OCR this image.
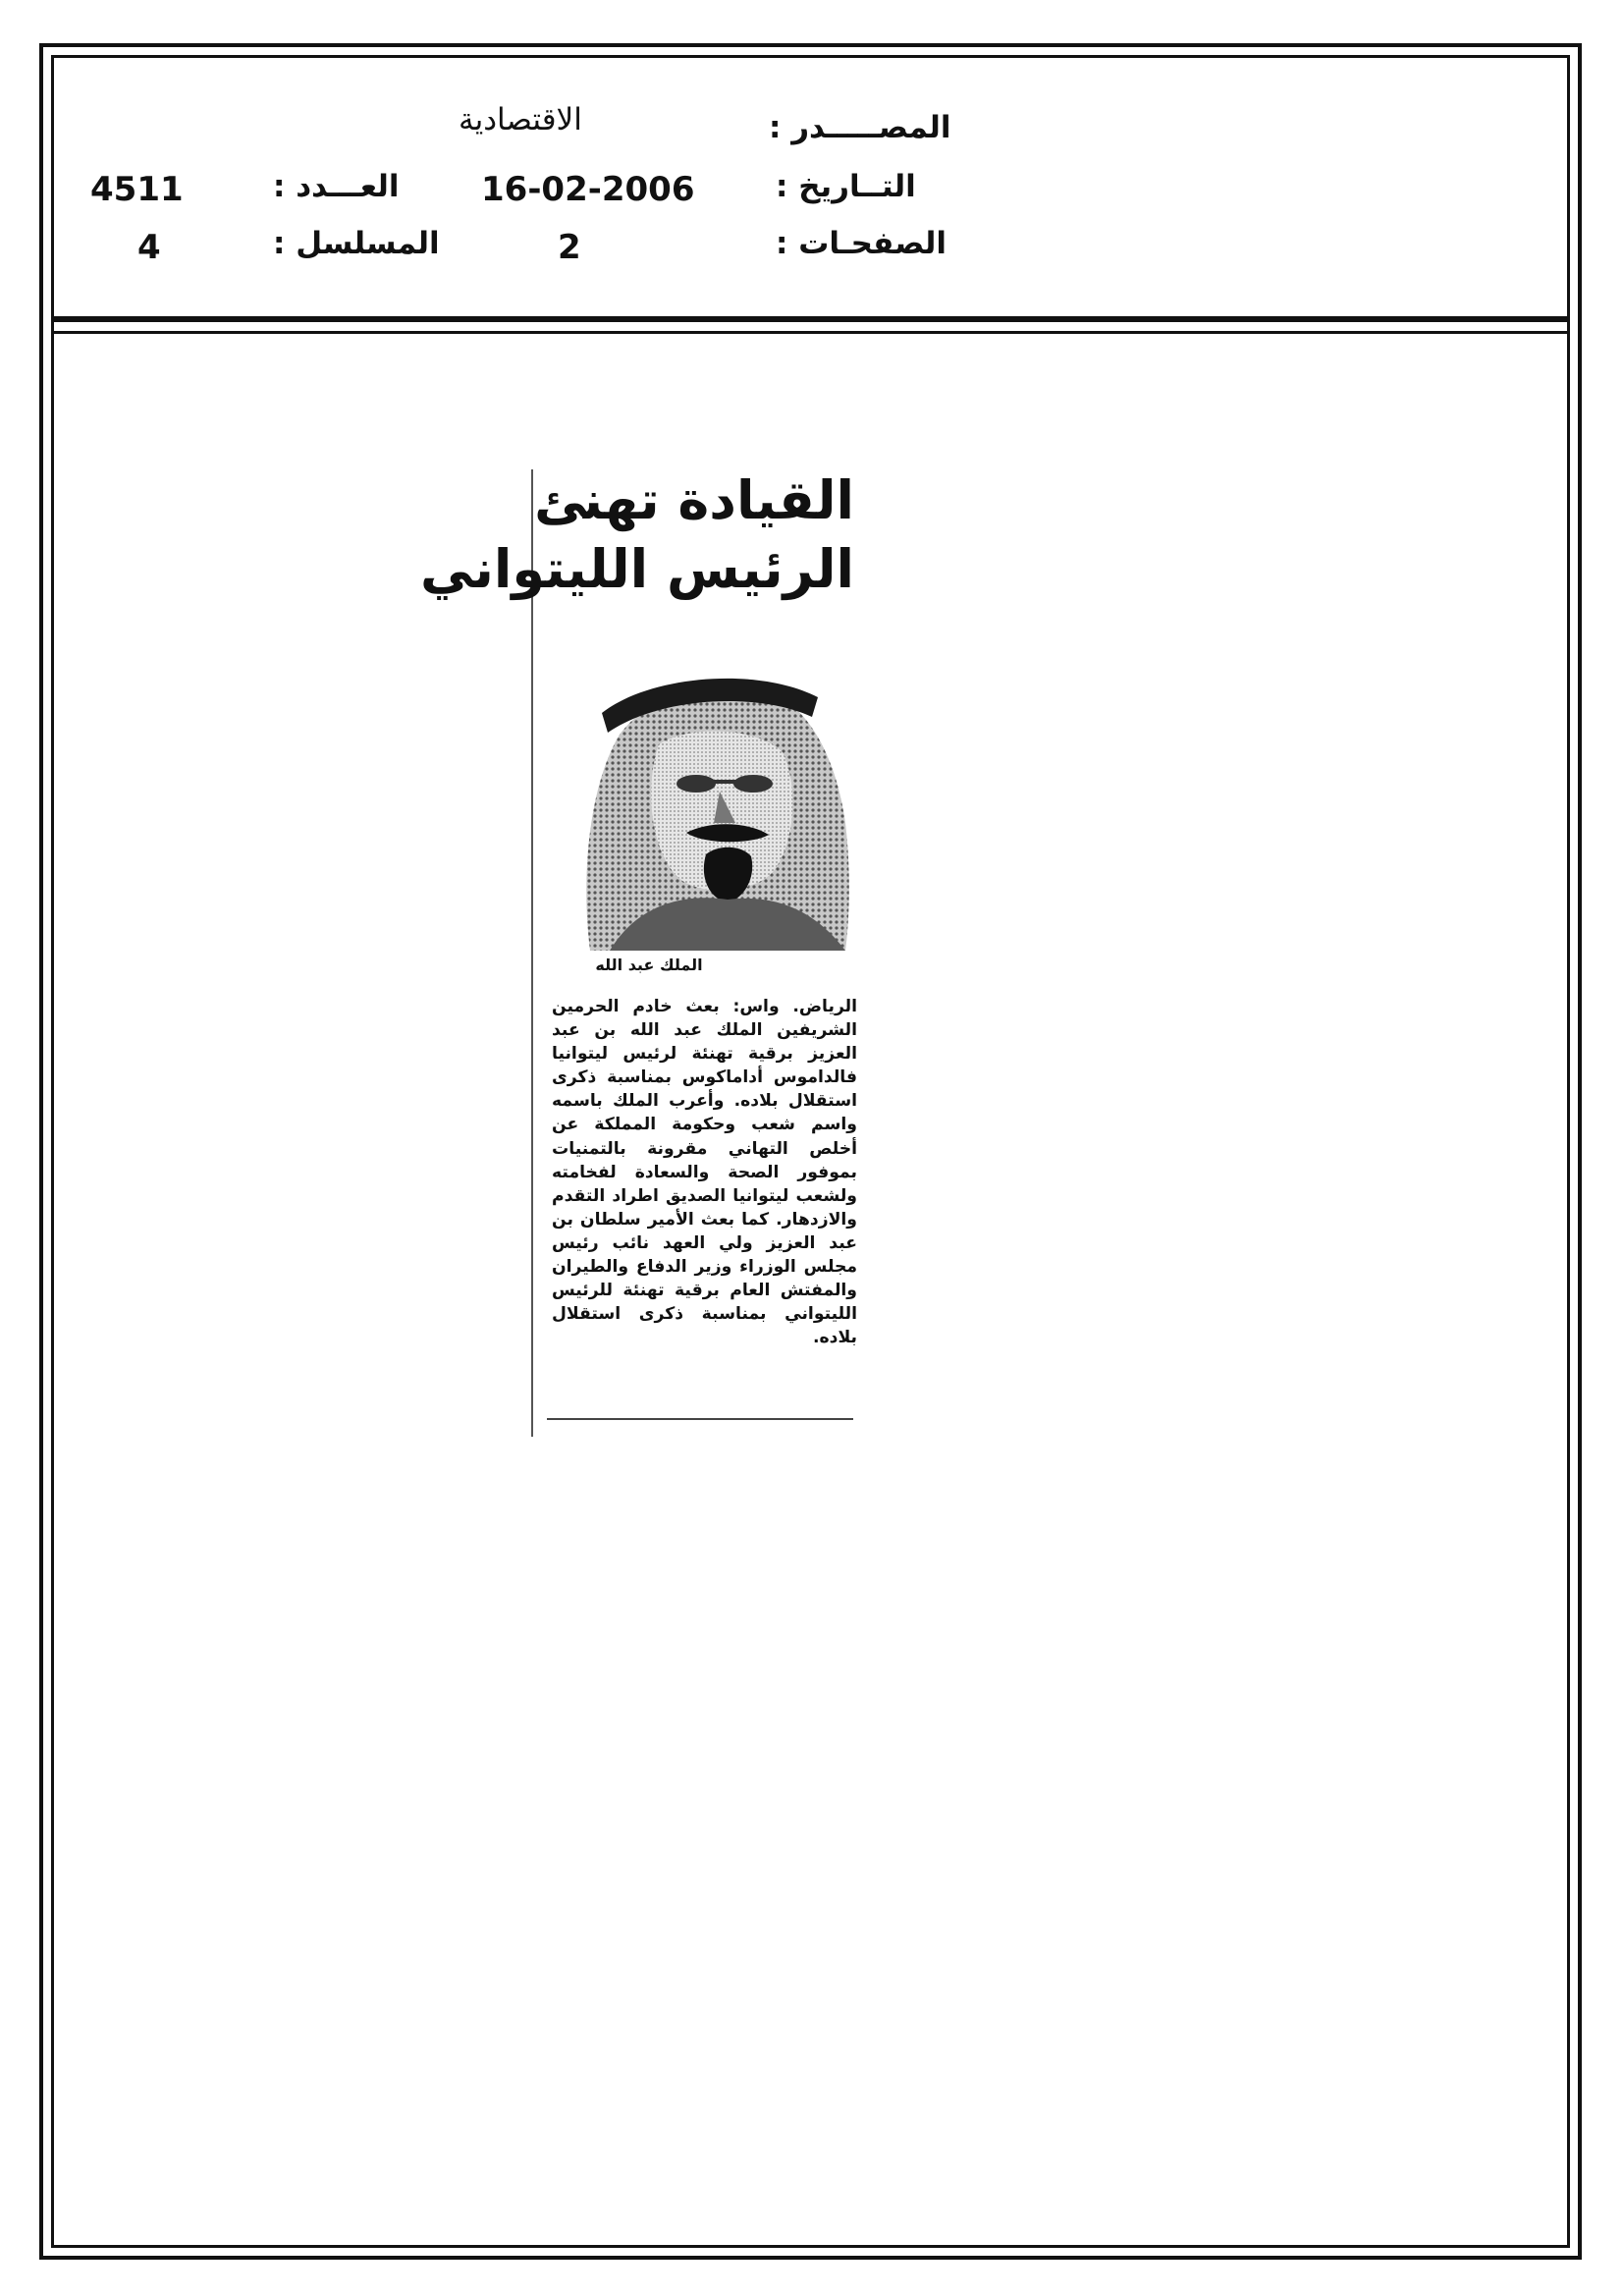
المصـــــدر :
الاقتصادية
التــاريخ :
16-02-2006
العـــدد :
4511
الصفحـات :
2
المسلسل :
4
القيادة تهنئ
الرئيس الليتواني
الملك عبد الله
الرياض. واس: بعث خادم الحرمين
الشريفين الملك عبد الله بن عبد
العزيز برقية تهنئة لرئيس ليتوانيا
فالداموس أداماكوس بمناسبة ذكرى
استقلال بلاده. وأعرب الملك باسمه
واسم شعب وحكومة المملكة عن
أخلص التهاني مقرونة بالتمنيات
بموفور الصحة والسعادة لفخامته
ولشعب ليتوانيا الصديق اطراد التقدم
والازدهار. كما بعث الأمير سلطان بن
عبد العزيز ولي العهد نائب رئيس
مجلس الوزراء وزير الدفاع والطيران
والمفتش العام برقية تهنئة للرئيس
الليتواني بمناسبة ذكرى استقلال
بلاده.
